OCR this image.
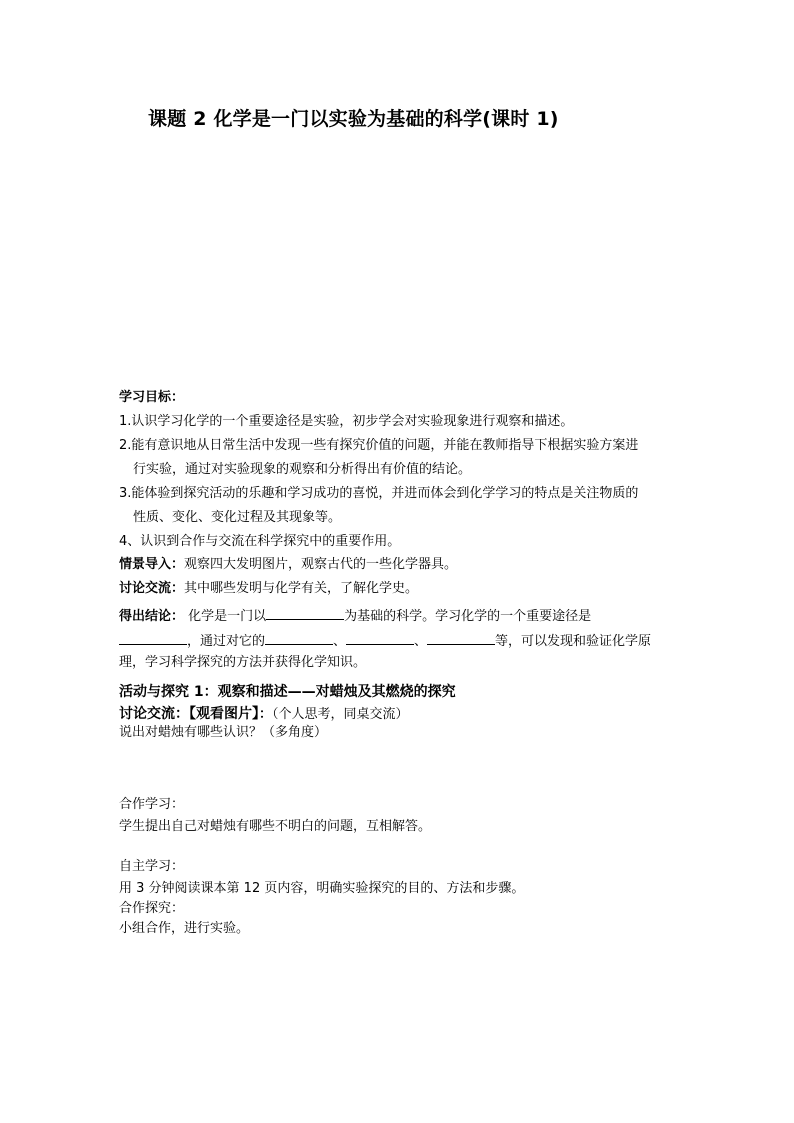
课题 2 化学是一门以实验为基础的科学(课时 1)
学习目标：
1.认识学习化学的一个重要途径是实验，初步学会对实验现象进行观察和描述。
2.能有意识地从日常生活中发现一些有探究价值的问题，并能在教师指导下根据实验方案进
行实验，通过对实验现象的观察和分析得出有价值的结论。
3.能体验到探究活动的乐趣和学习成功的喜悦，并进而体会到化学学习的特点是关注物质的
性质、变化、变化过程及其现象等。
4、认识到合作与交流在科学探究中的重要作用。
情景导入：观察四大发明图片，观察古代的一些化学器具。
讨论交流：其中哪些发明与化学有关，了解化学史。
得出结论： 化学是一门以	为基础的科学。学习化学的一个重要途径是
，通过对它的	、	、	等，可以发现和验证化学原
理，学习科学探究的方法并获得化学知识。
活动与探究 1：观察和描述——对蜡烛及其燃烧的探究
讨论交流：【观看图片】：（个人思考，同桌交流）
说出对蜡烛有哪些认识？（多角度）
合作学习：
学生提出自己对蜡烛有哪些不明白的问题，互相解答。
自主学习：
用 3 分钟阅读课本第 12 页内容，明确实验探究的目的、方法和步骤。
合作探究：
小组合作，进行实验。
